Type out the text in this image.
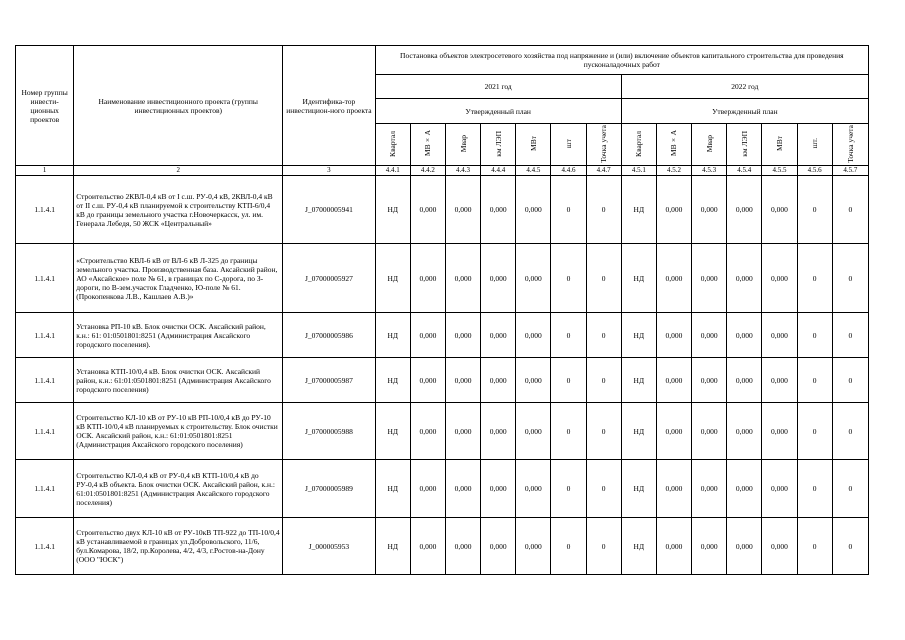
Номер группы инвести-ционных проектов	Наименование инвестиционного проекта (группы инвестиционных проектов)	Идентифика-тор инвестицион-ного проекта	Постановка объектов электросетевого хозяйства под напряжение и (или) включение объектов капитального строительства для проведения пусконаладочных работ													
			2021 год							2022 год						
			Утвержденный план							Утвержденный план						
			Квартал	МВ×А	Мвар	км ЛЭП	МВт	шт	Точка учета	Квартал	МВ×А	Мвар	км ЛЭП	МВт	шт.	Точка учета
1	2	3	4.4.1	4.4.2	4.4.3	4.4.4	4.4.5	4.4.6	4.4.7	4.5.1	4.5.2	4.5.3	4.5.4	4.5.5	4.5.6	4.5.7
1.1.4.1	Строительство 2КВЛ-0,4 кВ от I с.ш. РУ-0,4 кВ, 2КВЛ-0,4 кВ от II с.ш. РУ-0,4 кВ планируемой к строительству КТП-6/0,4 кВ до границы земельного участка г.Новочеркасск, ул. им. Генерала Лебедя, 50 ЖСК «Центральный»	J_07000005941	НД	0,000	0,000	0,000	0,000	0	0	НД	0,000	0,000	0,000	0,000	0	0
1.1.4.1	«Строительство КВЛ-6 кВ от ВЛ-6 кВ Л-325 до границы земельного участка. Производственная база. Аксайский район, АО «Аксайское» поле № 61, в границах по С-дорога, по З-дороги, по В-зем.участок Гладченко, Ю-поле № 61.(Прокопенкова Л.В., Кашлаев А.В.)»	J_07000005927	НД	0,000	0,000	0,000	0,000	0	0	НД	0,000	0,000	0,000	0,000	0	0
1.1.4.1	Установка РП-10 кВ. Блок очистки ОСК. Аксайский район, к.н.: 61: 01:0501801:8251 (Администрация Аксайского городского поселения).	J_07000005986	НД	0,000	0,000	0,000	0,000	0	0	НД	0,000	0,000	0,000	0,000	0	0
1.1.4.1	Установка КТП-10/0,4 кВ. Блок очистки ОСК. Аксайский район, к.н.: 61:01:0501801:8251 (Администрация Аксайского городского поселения)	J_07000005987	НД	0,000	0,000	0,000	0,000	0	0	НД	0,000	0,000	0,000	0,000	0	0
1.1.4.1	Строительство КЛ-10 кВ от РУ-10 кВ РП-10/0,4 кВ до РУ-10 кВ КТП-10/0,4 кВ планируемых к строительству. Блок очистки ОСК. Аксайский район, к.н.: 61:01:0501801:8251 (Администрация Аксайского городского поселения)	J_07000005988	НД	0,000	0,000	0,000	0,000	0	0	НД	0,000	0,000	0,000	0,000	0	0
1.1.4.1	Строительство КЛ-0,4 кВ от РУ-0,4 кВ КТП-10/0,4 кВ до РУ-0,4 кВ объекта. Блок очистки ОСК. Аксайский район, к.н.: 61:01:0501801:8251 (Администрация Аксайского городского поселения)	J_07000005989	НД	0,000	0,000	0,000	0,000	0	0	НД	0,000	0,000	0,000	0,000	0	0
1.1.4.1	Строительство двух КЛ-10 кВ от РУ-10кВ ТП-922 до ТП-10/0,4 кВ устанавливаемой в границах ул.Добровольского, 11/6, бул.Комарова, 18/2, пр.Королева, 4/2, 4/3, г.Ростов-на-Дону (ООО "ЮСК")	J_000005953	НД	0,000	0,000	0,000	0,000	0	0	НД	0,000	0,000	0,000	0,000	0	0
